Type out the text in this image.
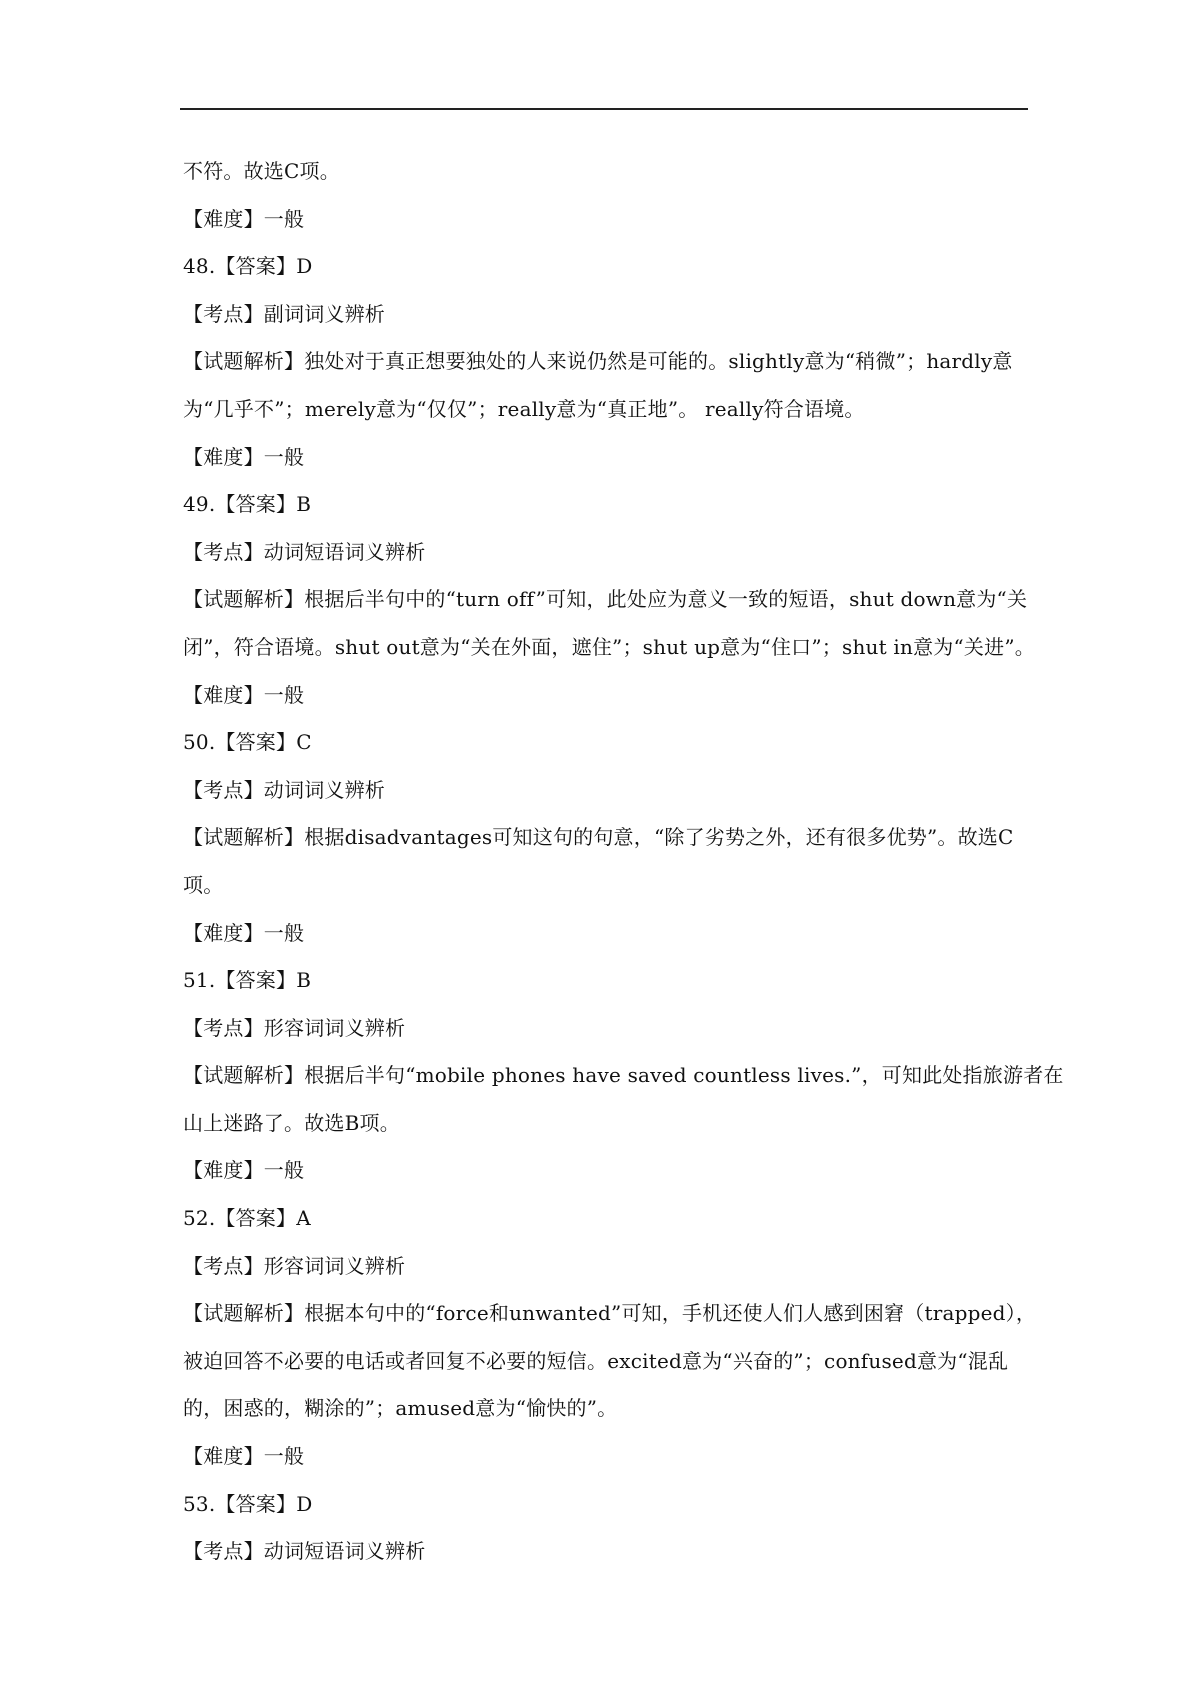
不符。故选C项。
【难度】一般
48.【答案】D
【考点】副词词义辨析
【试题解析】独处对于真正想要独处的人来说仍然是可能的。slightly意为“稍微”；hardly意
为“几乎不”；merely意为“仅仅”；really意为“真正地”。 really符合语境。
【难度】一般
49.【答案】B
【考点】动词短语词义辨析
【试题解析】根据后半句中的“turn off”可知，此处应为意义一致的短语，shut down意为“关
闭”，符合语境。shut out意为“关在外面，遮住”；shut up意为“住口”；shut in意为“关进”。
【难度】一般
50.【答案】C
【考点】动词词义辨析
【试题解析】根据disadvantages可知这句的句意，“除了劣势之外，还有很多优势”。故选C
项。
【难度】一般
51.【答案】B
【考点】形容词词义辨析
【试题解析】根据后半句“mobile phones have saved countless lives.”，可知此处指旅游者在
山上迷路了。故选B项。
【难度】一般
52.【答案】A
【考点】形容词词义辨析
【试题解析】根据本句中的“force和unwanted”可知，手机还使人们人感到困窘（trapped），
被迫回答不必要的电话或者回复不必要的短信。excited意为“兴奋的”；confused意为“混乱
的，困惑的，糊涂的”；amused意为“愉快的”。
【难度】一般
53.【答案】D
【考点】动词短语词义辨析
